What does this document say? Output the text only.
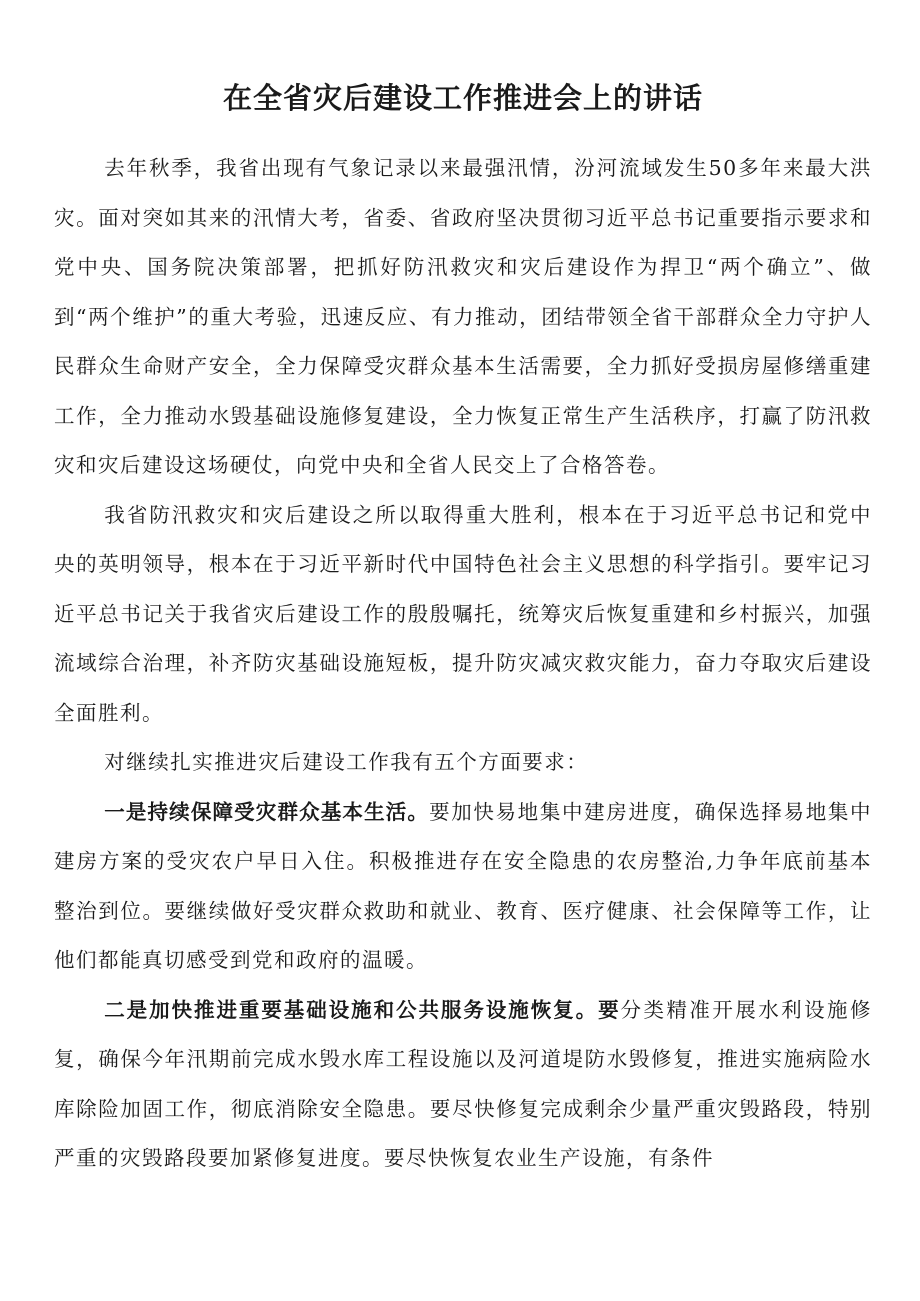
在全省灾后建设工作推进会上的讲话

去年秋季，我省出现有气象记录以来最强汛情，汾河流域发生50多年来最大洪灾。面对突如其来的汛情大考，省委、省政府坚决贯彻习近平总书记重要指示要求和党中央、国务院决策部署，把抓好防汛救灾和灾后建设作为捍卫“两个确立”、做到“两个维护”的重大考验，迅速反应、有力推动，团结带领全省干部群众全力守护人民群众生命财产安全，全力保障受灾群众基本生活需要，全力抓好受损房屋修缮重建工作，全力推动水毁基础设施修复建设，全力恢复正常生产生活秩序，打赢了防汛救灾和灾后建设这场硬仗，向党中央和全省人民交上了合格答卷。

我省防汛救灾和灾后建设之所以取得重大胜利，根本在于习近平总书记和党中央的英明领导，根本在于习近平新时代中国特色社会主义思想的科学指引。要牢记习近平总书记关于我省灾后建设工作的殷殷嘱托，统筹灾后恢复重建和乡村振兴，加强流域综合治理，补齐防灾基础设施短板，提升防灾减灾救灾能力，奋力夺取灾后建设全面胜利。

对继续扎实推进灾后建设工作我有五个方面要求：

一是持续保障受灾群众基本生活。要加快易地集中建房进度，确保选择易地集中建房方案的受灾农户早日入住。积极推进存在安全隐患的农房整治,力争年底前基本整治到位。要继续做好受灾群众救助和就业、教育、医疗健康、社会保障等工作，让他们都能真切感受到党和政府的温暖。

二是加快推进重要基础设施和公共服务设施恢复。要分类精准开展水利设施修复，确保今年汛期前完成水毁水库工程设施以及河道堤防水毁修复，推进实施病险水库除险加固工作，彻底消除安全隐患。要尽快修复完成剩余少量严重灾毁路段，特别严重的灾毁路段要加紧修复进度。要尽快恢复农业生产设施，有条件
